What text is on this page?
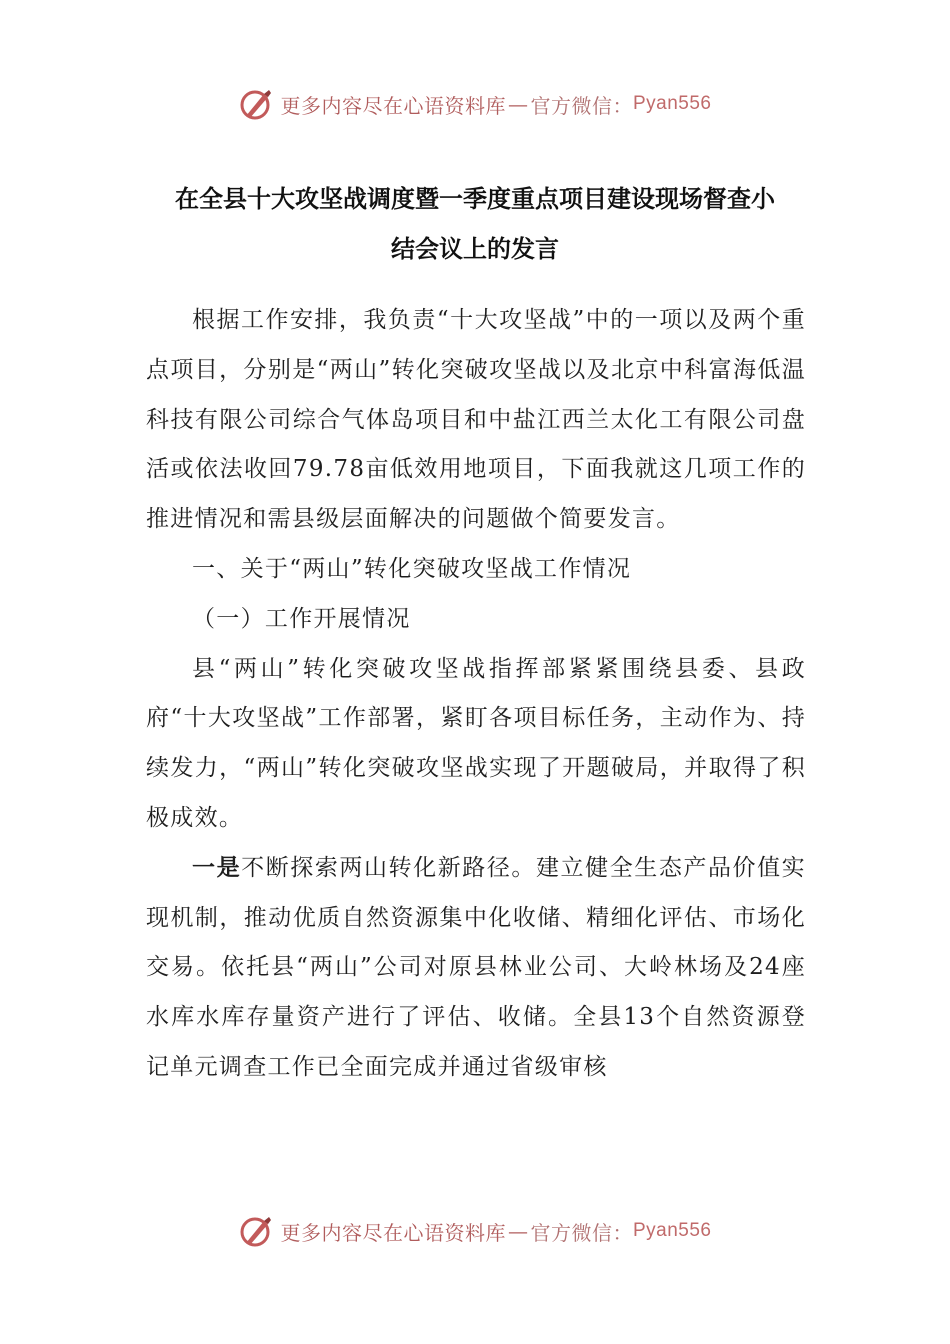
更多内容尽在心语资料库 — 官方微信： Pyan556
在全县十大攻坚战调度暨一季度重点项目建设现场督查小
结会议上的发言

根据工作安排，我负责“十大攻坚战”中的一项以及两个重点项目，分别是“两山”转化突破攻坚战以及北京中科富海低温科技有限公司综合气体岛项目和中盐江西兰太化工有限公司盘活或依法收回79.78亩低效用地项目，下面我就这几项工作的推进情况和需县级层面解决的问题做个简要发言。

一、关于“两山”转化突破攻坚战工作情况

（一）工作开展情况

县“两山”转化突破攻坚战指挥部紧紧围绕县委、县政府“十大攻坚战”工作部署，紧盯各项目标任务，主动作为、持续发力，“两山”转化突破攻坚战实现了开题破局，并取得了积极成效。

一是不断探索两山转化新路径。建立健全生态产品价值实现机制，推动优质自然资源集中化收储、精细化评估、市场化交易。依托县“两山”公司对原县林业公司、大岭林场及24座水库水库存量资产进行了评估、收储。全县13个自然资源登记单元调查工作已全面完成并通过省级审核

更多内容尽在心语资料库 — 官方微信： Pyan556
